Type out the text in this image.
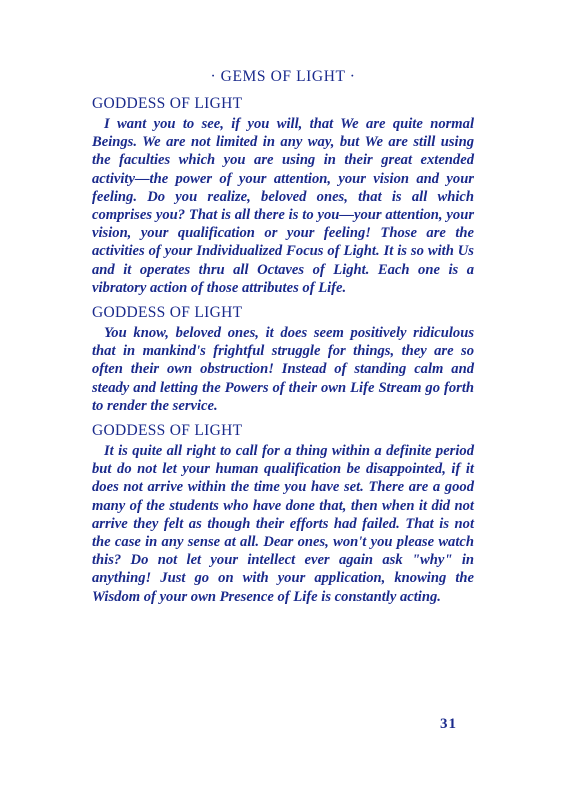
· GEMS OF LIGHT ·
GODDESS OF LIGHT

I want you to see, if you will, that We are quite normal Beings. We are not limited in any way, but We are still using the faculties which you are using in their great extended activity—the power of your attention, your vision and your feeling. Do you realize, beloved ones, that is all which comprises you? That is all there is to you—your attention, your vision, your qualification or your feeling! Those are the activities of your Individualized Focus of Light. It is so with Us and it operates thru all Octaves of Light. Each one is a vibratory action of those attributes of Life.

GODDESS OF LIGHT

You know, beloved ones, it does seem positively ridiculous that in mankind's frightful struggle for things, they are so often their own obstruction! Instead of standing calm and steady and letting the Powers of their own Life Stream go forth to render the service.

GODDESS OF LIGHT

It is quite all right to call for a thing within a definite period but do not let your human qualification be disappointed, if it does not arrive within the time you have set. There are a good many of the students who have done that, then when it did not arrive they felt as though their efforts had failed. That is not the case in any sense at all. Dear ones, won't you please watch this? Do not let your intellect ever again ask "why" in anything! Just go on with your application, knowing the Wisdom of your own Presence of Life is constantly acting.

31
